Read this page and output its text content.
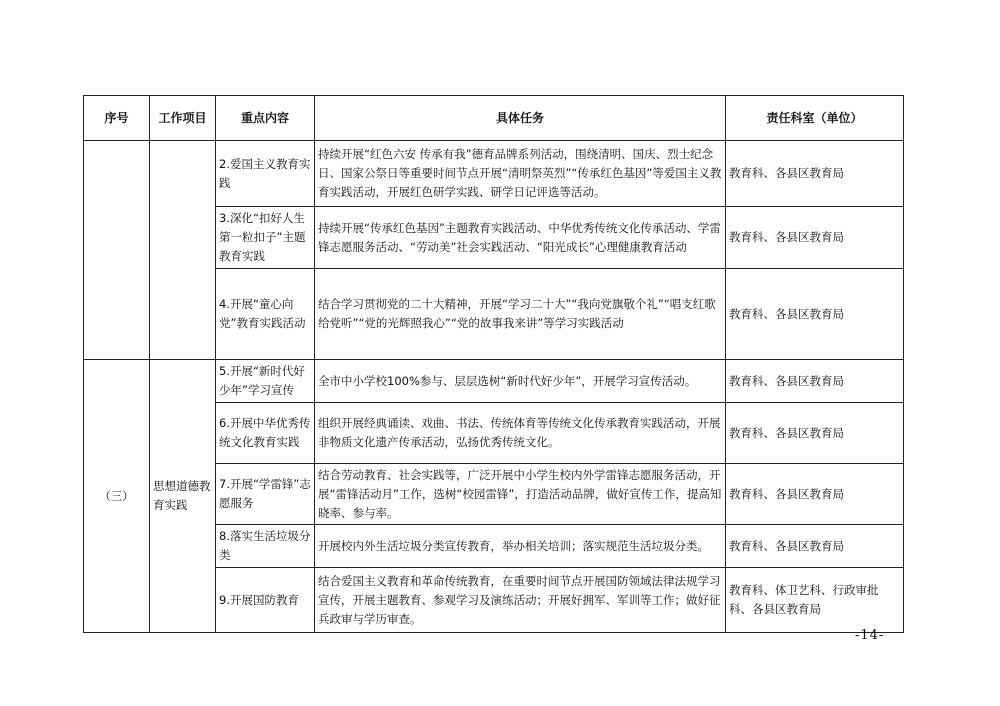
序号	工作项目	重点内容	具体任务	责任科室（单位）
		2.爱国主义教育实践	持续开展“红色六安 传承有我”德育品牌系列活动，围绕清明、国庆、烈士纪念日、国家公祭日等重要时间节点开展“清明祭英烈”“传承红色基因”等爱国主义教育实践活动，开展红色研学实践、研学日记评选等活动。	教育科、各县区教育局
		3.深化“扣好人生第一粒扣子”主题教育实践	持续开展“传承红色基因”主题教育实践活动、中华优秀传统文化传承活动、学雷锋志愿服务活动、“劳动美”社会实践活动、“阳光成长”心理健康教育活动	教育科、各县区教育局
		4.开展“童心向党”教育实践活动	结合学习贯彻党的二十大精神，开展“学习二十大”“我向党旗敬个礼”“唱支红歌给党听”“党的光辉照我心”“党的故事我来讲”等学习实践活动	教育科、各县区教育局
（三）	思想道德教育实践	5.开展“新时代好少年”学习宣传	全市中小学校100%参与、层层选树“新时代好少年”，开展学习宣传活动。	教育科、各县区教育局
		6.开展中华优秀传统文化教育实践	组织开展经典诵读、戏曲、书法、传统体育等传统文化传承教育实践活动，开展非物质文化遗产传承活动，弘扬优秀传统文化。	教育科、各县区教育局
		7.开展“学雷锋”志愿服务	结合劳动教育、社会实践等，广泛开展中小学生校内外学雷锋志愿服务活动，开展“雷锋活动月”工作，选树“校园雷锋”，打造活动品牌，做好宣传工作，提高知晓率、参与率。	教育科、各县区教育局
		8.落实生活垃圾分类	开展校内外生活垃圾分类宣传教育，举办相关培训；落实规范生活垃圾分类。	教育科、各县区教育局
		9.开展国防教育	结合爱国主义教育和革命传统教育，在重要时间节点开展国防领域法律法规学习宣传，开展主题教育、参观学习及演练活动；开展好拥军、军训等工作；做好征兵政审与学历审查。	教育科、体卫艺科、行政审批科、各县区教育局
-14-
